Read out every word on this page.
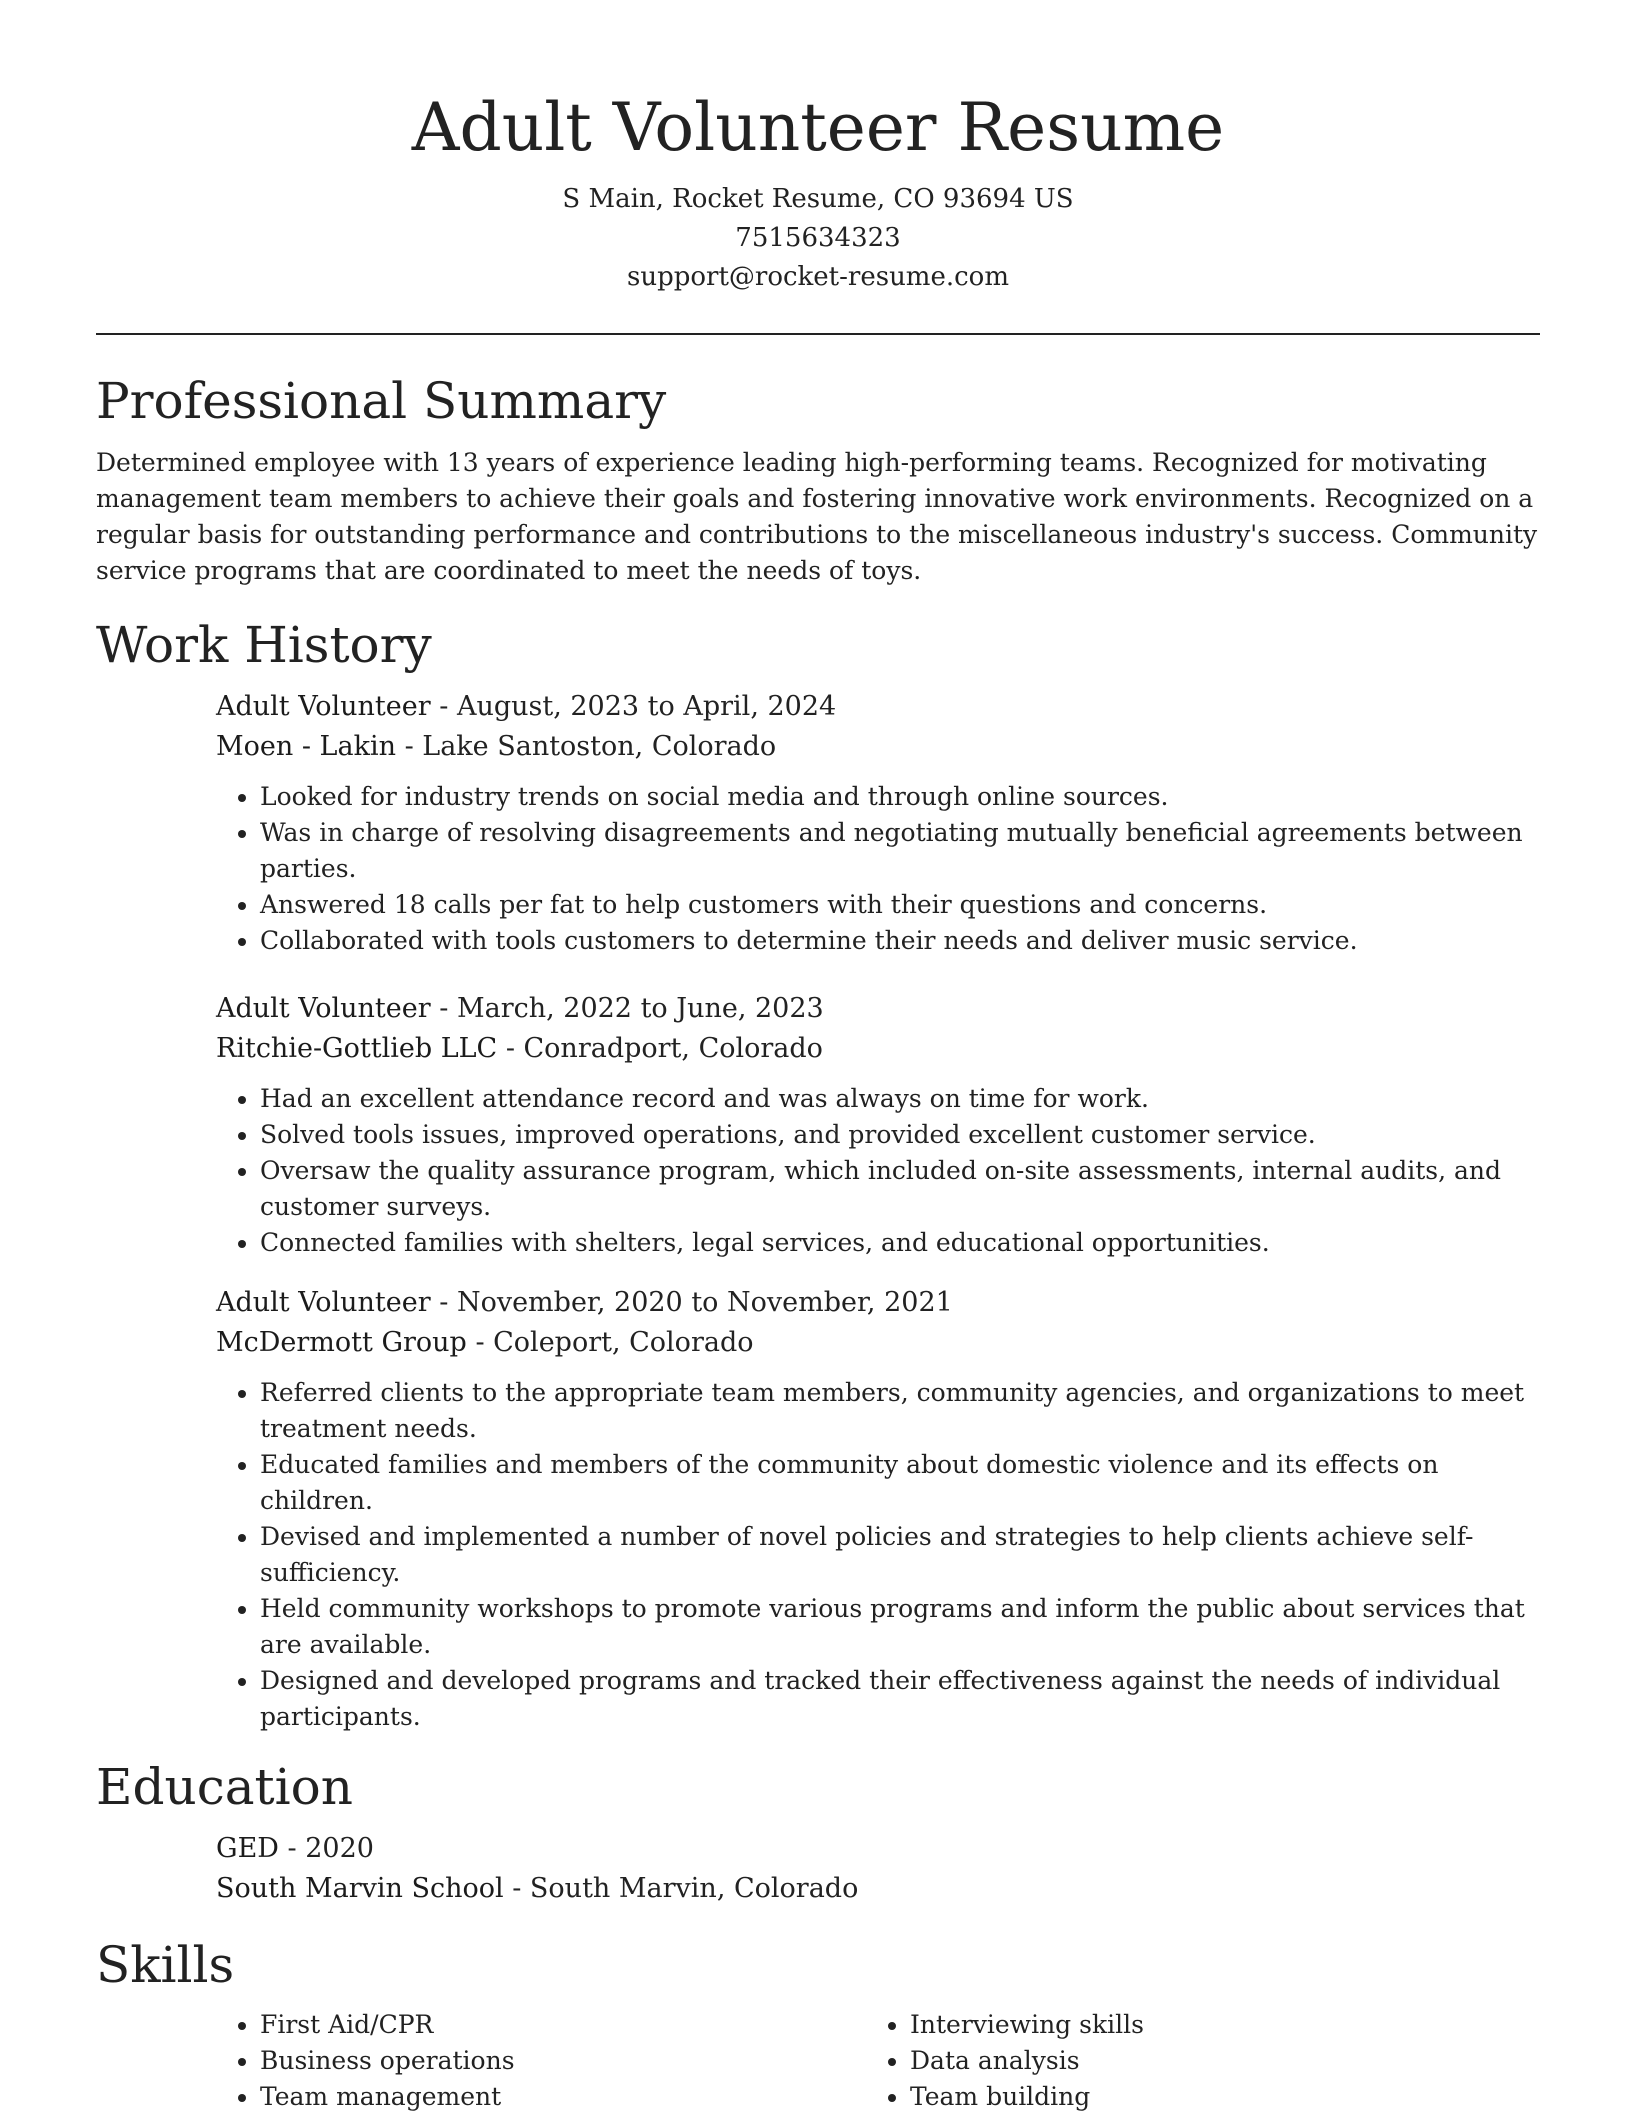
Adult Volunteer Resume
S Main, Rocket Resume, CO 93694 US
7515634323
support@rocket-resume.com
Professional Summary

Determined employee with 13 years of experience leading high-performing teams. Recognized for motivating management team members to achieve their goals and fostering innovative work environments. Recognized on a regular basis for outstanding performance and contributions to the miscellaneous industry's success. Community service programs that are coordinated to meet the needs of toys.

Work History
Adult Volunteer - August, 2023 to April, 2024
Moen - Lakin - Lake Santoston, Colorado
• Looked for industry trends on social media and through online sources.
• Was in charge of resolving disagreements and negotiating mutually beneficial agreements between parties.
• Answered 18 calls per fat to help customers with their questions and concerns.
• Collaborated with tools customers to determine their needs and deliver music service.
Adult Volunteer - March, 2022 to June, 2023
Ritchie-Gottlieb LLC - Conradport, Colorado
• Had an excellent attendance record and was always on time for work.
• Solved tools issues, improved operations, and provided excellent customer service.
• Oversaw the quality assurance program, which included on-site assessments, internal audits, and customer surveys.
• Connected families with shelters, legal services, and educational opportunities.
Adult Volunteer - November, 2020 to November, 2021
McDermott Group - Coleport, Colorado
• Referred clients to the appropriate team members, community agencies, and organizations to meet treatment needs.
• Educated families and members of the community about domestic violence and its effects on children.
• Devised and implemented a number of novel policies and strategies to help clients achieve self-sufficiency.
• Held community workshops to promote various programs and inform the public about services that are available.
• Designed and developed programs and tracked their effectiveness against the needs of individual participants.
Education
GED - 2020
South Marvin School - South Marvin, Colorado
Skills
• First Aid/CPR
• Business operations
• Team management
• Interviewing skills
• Data analysis
• Team building
